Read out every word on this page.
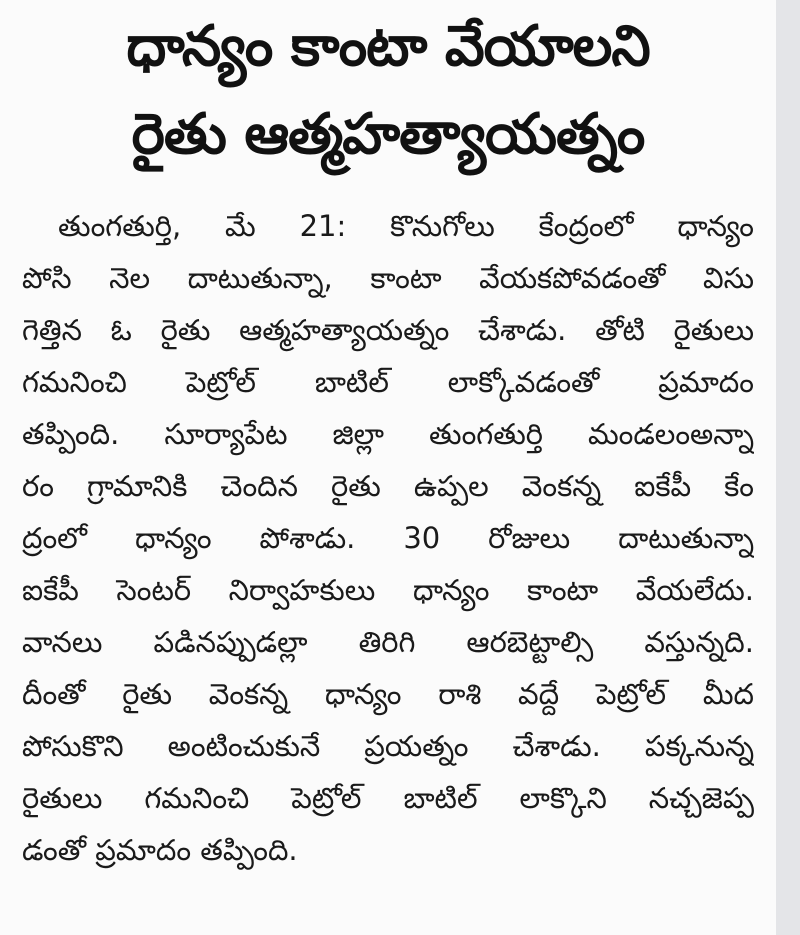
ధాన్యం కాంటా వేయాలని
రైతు ఆత్మహత్యాయత్నం
తుంగతుర్తి, మే 21: కొనుగోలు కేంద్రంలో ధాన్యం
పోసి నెల దాటుతున్నా, కాంటా వేయకపోవడంతో విసు
గెత్తిన ఓ రైతు ఆత్మహత్యాయత్నం చేశాడు. తోటి రైతులు
గమనించి పెట్రోల్ బాటిల్ లాక్కోవడంతో ప్రమాదం
తప్పింది. సూర్యాపేట జిల్లా తుంగతుర్తి మండలంఅన్నా
రం గ్రామానికి చెందిన రైతు ఉప్పల వెంకన్న ఐకేపీ కేం
ద్రంలో ధాన్యం పోశాడు. 30 రోజులు దాటుతున్నా
ఐకేపీ సెంటర్ నిర్వాహకులు ధాన్యం కాంటా వేయలేదు.
వానలు పడినప్పుడల్లా తిరిగి ఆరబెట్టాల్సి వస్తున్నది.
దీంతో రైతు వెంకన్న ధాన్యం రాశి వద్దే పెట్రోల్ మీద
పోసుకొని అంటించుకునే ప్రయత్నం చేశాడు. పక్కనున్న
రైతులు గమనించి పెట్రోల్ బాటిల్ లాక్కొని నచ్చజెప్ప
డంతో ప్రమాదం తప్పింది.
